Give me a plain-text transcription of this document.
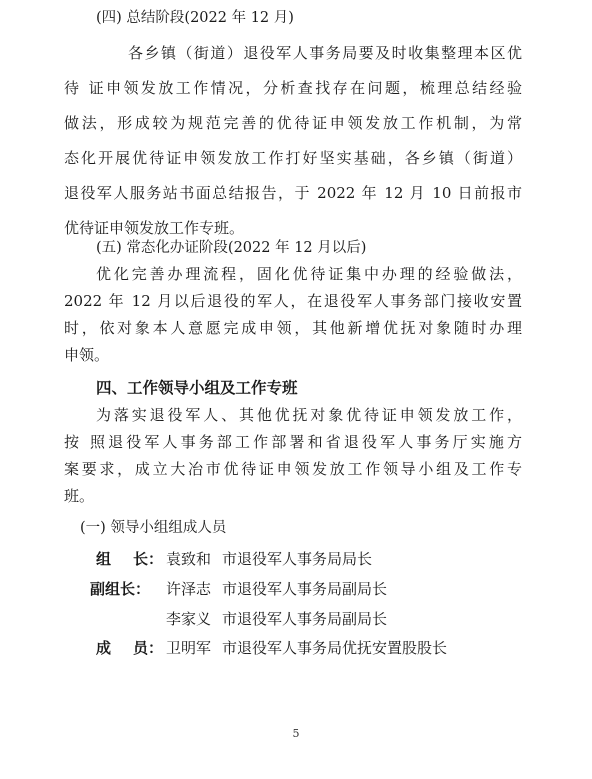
(四) 总结阶段(2022 年 12 月)
各乡镇（街道）退役军人事务局要及时收集整理本区优
待 证申领发放工作情况，分析查找存在问题，梳理总结经验
做法，形成较为规范完善的优待证申领发放工作机制，为常
态化开展优待证申领发放工作打好坚实基础，各乡镇（街道）
退役军人服务站书面总结报告，于 2022 年 12 月 10 日前报市
优待证申领发放工作专班。
(五) 常态化办证阶段(2022 年 12 月以后)
优化完善办理流程，固化优待证集中办理的经验做法，
2022 年 12 月以后退役的军人，在退役军人事务部门接收安置
时，依对象本人意愿完成申领，其他新增优抚对象随时办理
申领。
四、工作领导小组及工作专班
为落实退役军人、其他优抚对象优待证申领发放工作，
按 照退役军人事务部工作部署和省退役军人事务厅实施方
案要求，成立大冶市优待证申领发放工作领导小组及工作专
班。
(一) 领导小组组成人员
组 长： 袁致和 市退役军人事务局局长
副组长： 许泽志 市退役军人事务局副局长
李家义 市退役军人事务局副局长
成 员： 卫明军 市退役军人事务局优抚安置股股长
5
